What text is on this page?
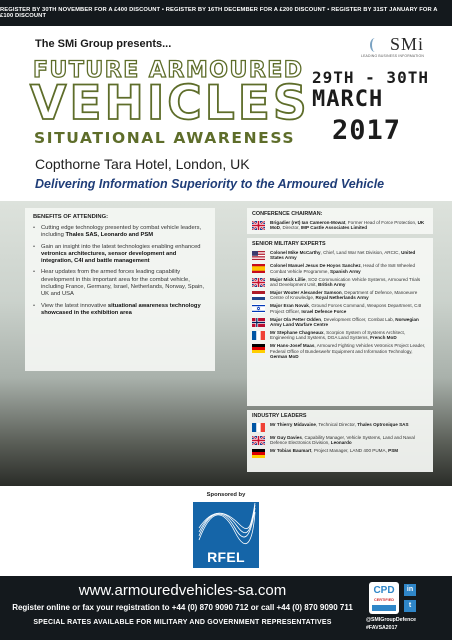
REGISTER BY 30TH NOVEMBER FOR A £400 DISCOUNT • REGISTER BY 16TH DECEMBER FOR A £200 DISCOUNT • REGISTER BY 31ST JANUARY FOR A £100 DISCOUNT
The SMi Group presents...	SMi
LEADING BUSINESS INFORMATION
FUTURE ARMOURED
VEHICLES
SITUATIONAL AWARENESS
29TH - 30TH
MARCH
2017
Copthorne Tara Hotel, London, UK
Delivering Information Superiority to the Armoured Vehicle
BENEFITS OF ATTENDING:
• Cutting edge technology presented by combat vehicle leaders, including Thales SAS, Leonardo and PSM
• Gain an insight into the latest technologies enabling enhanced vetronics architectures, sensor development and integration, C4I and battle management
• Hear updates from the armed forces leading capability development in this important area for the combat vehicle, including France, Germany, Israel, Netherlands, Norway, Spain, UK and USA
• View the latest innovative situational awareness technology showcased in the exhibition area
CONFERENCE CHAIRMAN:
Brigadier (ret) Ian Cameron-Mowat, Former Head of Force Protection, UK MoD, Director, IMP Castle Associates Limited
SENIOR MILITARY EXPERTS
Colonel Mike McCarthy, Chief, Land War Net Division, ARCIC, United States Army
Colonel Manuel Jesus De Hoyos Sanchez, Head of the 8x8 Wheeled Combat Vehicle Programme, Spanish Army
Major Mick Lillie, SO2 Communication Vehicle Systems, Armoured Trials and Development Unit, British Army
Major Wouter Alexander Samson, Department of Defence, Manoeuvre Centre of Knowledge, Royal Netherlands Army
Major Eran Novak, Ground Forces Command, Weapons Department, C4I Project Officer, Israel Defence Force
Major Ola Petter Odden, Development Officer, Combat Lab, Norwegian Army Land Warfare Centre
Mr Stephane Chagneaux, Scorpion System of Systems Architect, Engineering Land Systems, DGA Land Systems, French MoD
Mr Hans-Josef Maas, Armoured Fighting Vehicles Vetronics Project Leader, Federal Office of Bundeswehr Equipment and Information Technology, German MoD
INDUSTRY LEADERS
Mr Thierry Midavaine, Technical Director, Thales Optronique SAS
Mr Guy Davies, Capability Manager, Vehicle Systems, Land and Naval Defence Electronics Division, Leonardo
Mr Tobias Baumart, Project Manager, LAND 400 PUMA, PSM
Sponsored by
RFEL
www.armouredvehicles-sa.com
Register online or fax your registration to +44 (0) 870 9090 712 or call +44 (0) 870 9090 711
SPECIAL RATES AVAILABLE FOR MILITARY AND GOVERNMENT REPRESENTATIVES
CPD
CERTIFIED
in
t
@SMIGroupDefence
#FAVSA2017
